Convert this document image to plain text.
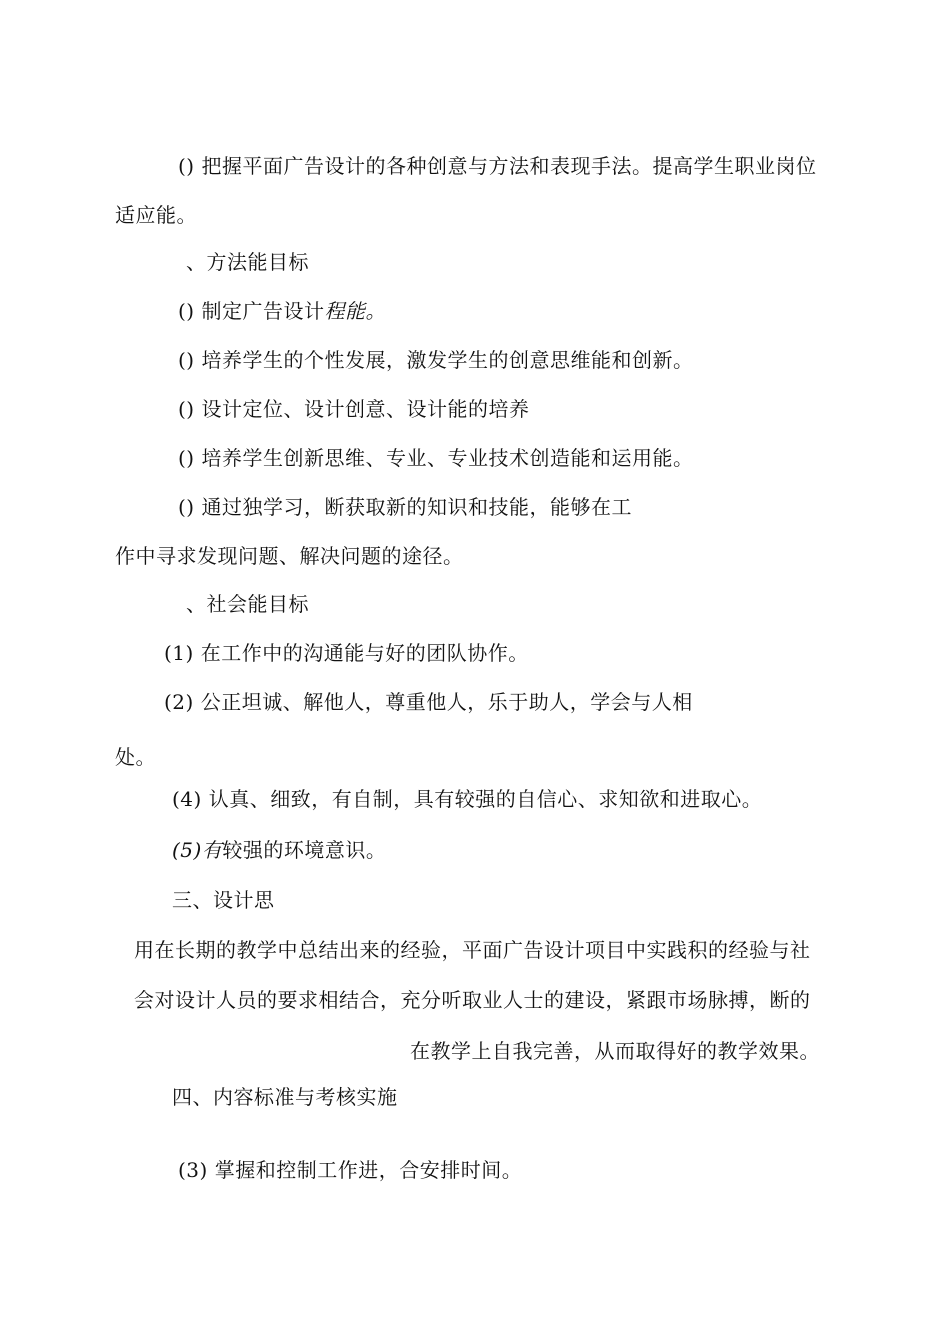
() 把握平面广告设计的各种创意与方法和表现手法。提高学生职业岗位
适应能。
、方法能目标
() 制定广告设计程能。
() 培养学生的个性发展，激发学生的创意思维能和创新。
() 设计定位、设计创意、设计能的培养
() 培养学生创新思维、专业、专业技术创造能和运用能。
() 通过独学习，断获取新的知识和技能，能够在工
作中寻求发现问题、解决问题的途径。
、社会能目标
(1) 在工作中的沟通能与好的团队协作。
(2) 公正坦诚、解他人，尊重他人，乐于助人，学会与人相
处。
(4) 认真、细致，有自制，具有较强的自信心、求知欲和进取心。
(5)有较强的环境意识。
三、设计思
用在长期的教学中总结出来的经验，平面广告设计项目中实践积的经验与社
会对设计人员的要求相结合，充分听取业人士的建设，紧跟市场脉搏，断的
在教学上自我完善，从而取得好的教学效果。
四、内容标准与考核实施
(3) 掌握和控制工作进，合安排时间。
